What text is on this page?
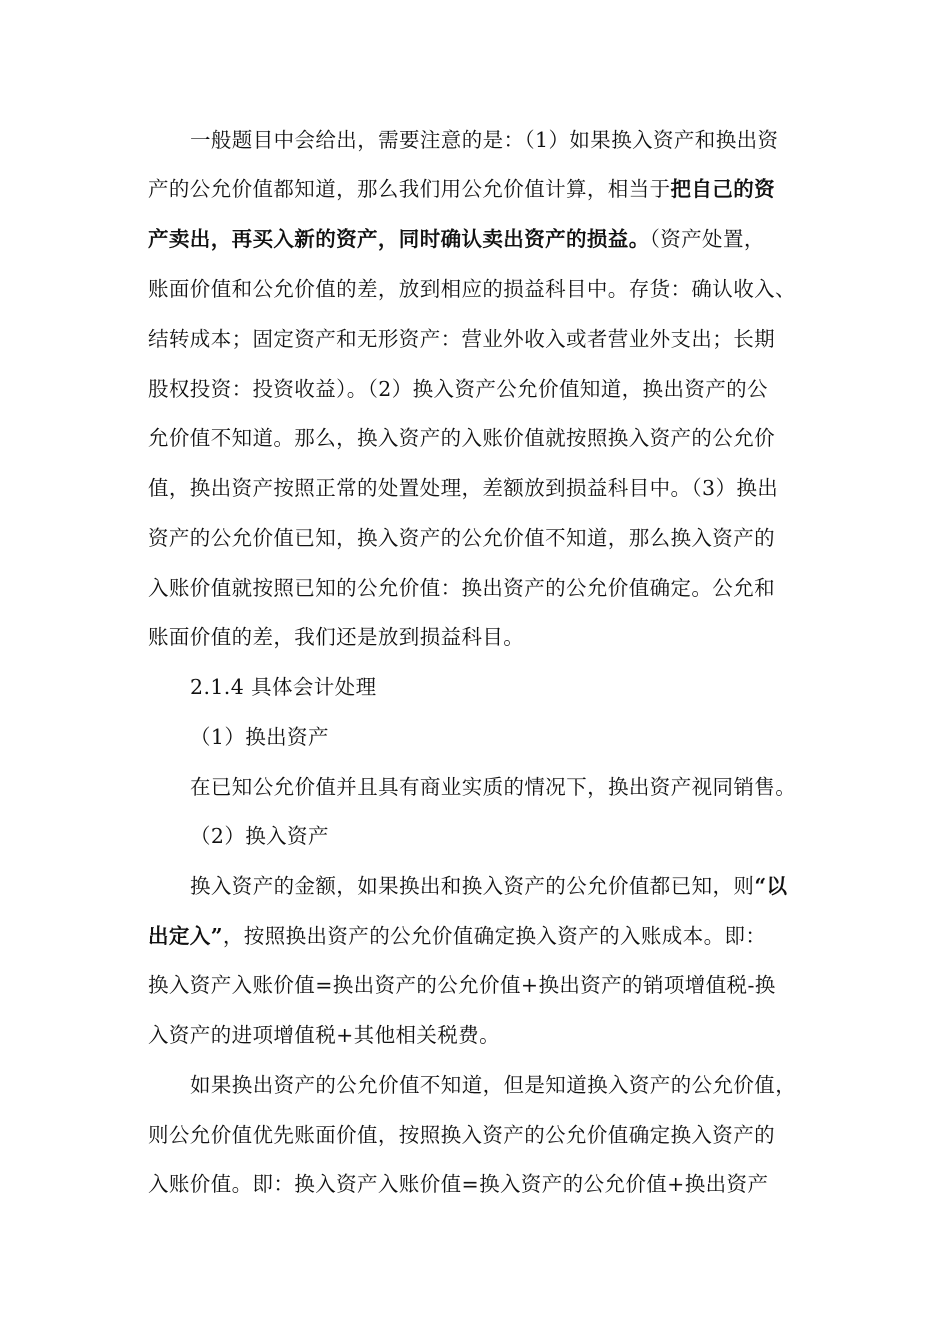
一般题目中会给出，需要注意的是：（1）如果换入资产和换出资
产的公允价值都知道，那么我们用公允价值计算，相当于把自己的资
产卖出，再买入新的资产，同时确认卖出资产的损益。（资产处置，
账面价值和公允价值的差，放到相应的损益科目中。存货：确认收入、
结转成本；固定资产和无形资产：营业外收入或者营业外支出；长期
股权投资：投资收益）。（2）换入资产公允价值知道，换出资产的公
允价值不知道。那么，换入资产的入账价值就按照换入资产的公允价
值，换出资产按照正常的处置处理，差额放到损益科目中。（3）换出
资产的公允价值已知，换入资产的公允价值不知道，那么换入资产的
入账价值就按照已知的公允价值：换出资产的公允价值确定。公允和
账面价值的差，我们还是放到损益科目。
2.1.4 具体会计处理
（1）换出资产
在已知公允价值并且具有商业实质的情况下，换出资产视同销售。
（2）换入资产
换入资产的金额，如果换出和换入资产的公允价值都已知，则“以
出定入”，按照换出资产的公允价值确定换入资产的入账成本。即：
换入资产入账价值=换出资产的公允价值+换出资产的销项增值税-换
入资产的进项增值税+其他相关税费。
如果换出资产的公允价值不知道，但是知道换入资产的公允价值，
则公允价值优先账面价值，按照换入资产的公允价值确定换入资产的
入账价值。即：换入资产入账价值=换入资产的公允价值+换出资产
